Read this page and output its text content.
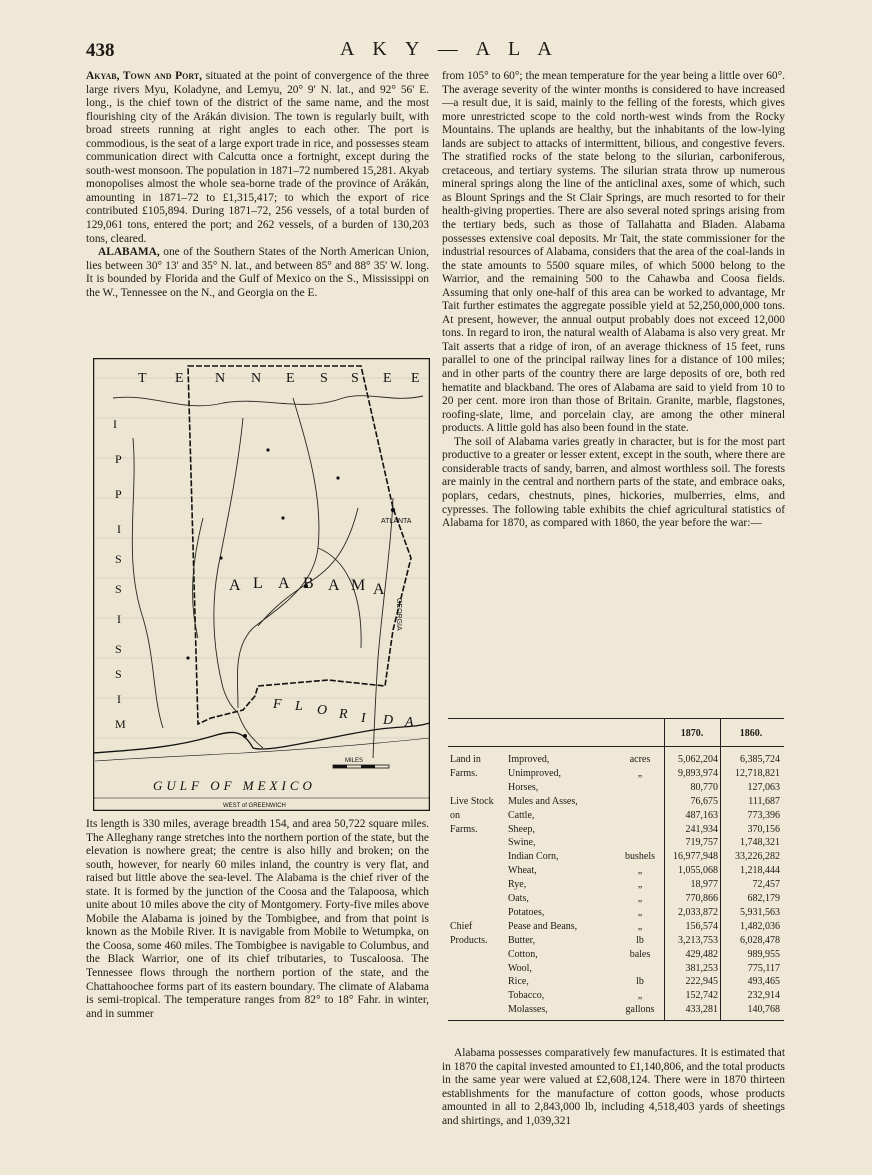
438	A K Y — A L A

Akyab, Town and Port, situated at the point of convergence of the three large rivers Myu, Koladyne, and Lemyu, 20° 9' N. lat., and 92° 56' E. long., is the chief town of the district of the same name, and the most flourishing city of the Arákán division. The town is regularly built, with broad streets running at right angles to each other. The port is commodious, is the seat of a large export trade in rice, and possesses steam communication direct with Calcutta once a fortnight, except during the south-west monsoon. The population in 1871–72 numbered 15,281. Akyab monopolises almost the whole sea-borne trade of the province of Arákán, amounting in 1871–72 to £1,315,417; to which the export of rice contributed £105,894. During 1871–72, 256 vessels, of a total burden of 129,061 tons, entered the port; and 262 vessels, of a burden of 130,203 tons, cleared.

ALABAMA, one of the Southern States of the North American Union, lies between 30° 13' and 35° N. lat., and between 85° and 88° 35' W. long. It is bounded by Florida and the Gulf of Mexico on the S., Mississippi on the W., Tennessee on the N., and Georgia on the E.

T E N N E S S E E
I
P
P
I
S
S
I
S
S
I
M
A L A B A M A
F L O R I D A
GULF OF MEXICO
ATLANTA
GEORGIA
MILES
WEST of GREENWICH

Its length is 330 miles, average breadth 154, and area 50,722 square miles. The Alleghany range stretches into the northern portion of the state, but the elevation is nowhere great; the centre is also hilly and broken; on the south, however, for nearly 60 miles inland, the country is very flat, and raised but little above the sea-level. The Alabama is the chief river of the state. It is formed by the junction of the Coosa and the Talapoosa, which unite about 10 miles above the city of Montgomery. Forty-five miles above Mobile the Alabama is joined by the Tombigbee, and from that point is known as the Mobile River. It is navigable from Mobile to Wetumpka, on the Coosa, some 460 miles. The Tombigbee is navigable to Columbus, and the Black Warrior, one of its chief tributaries, to Tuscaloosa. The Tennessee flows through the northern portion of the state, and the Chattahoochee forms part of its eastern boundary. The climate of Alabama is semi-tropical. The temperature ranges from 82° to 18° Fahr. in winter, and in summer

from 105° to 60°; the mean temperature for the year being a little over 60°. The average severity of the winter months is considered to have increased—a result due, it is said, mainly to the felling of the forests, which gives more unrestricted scope to the cold north-west winds from the Rocky Mountains. The uplands are healthy, but the inhabitants of the low-lying lands are subject to attacks of intermittent, bilious, and congestive fevers. The stratified rocks of the state belong to the silurian, carboniferous, cretaceous, and tertiary systems. The silurian strata throw up numerous mineral springs along the line of the anticlinal axes, some of which, such as Blount Springs and the St Clair Springs, are much resorted to for their health-giving properties. There are also several noted springs arising from the tertiary beds, such as those of Tallahatta and Bladen. Alabama possesses extensive coal deposits. Mr Tait, the state commissioner for the industrial resources of Alabama, considers that the area of the coal-lands in the state amounts to 5500 square miles, of which 5000 belong to the Warrior, and the remaining 500 to the Cahawba and Coosa fields. Assuming that only one-half of this area can be worked to advantage, Mr Tait further estimates the aggregate possible yield at 52,250,000,000 tons. At present, however, the annual output probably does not exceed 12,000 tons. In regard to iron, the natural wealth of Alabama is also very great. Mr Tait asserts that a ridge of iron, of an average thickness of 15 feet, runs parallel to one of the principal railway lines for a distance of 100 miles; and in other parts of the country there are large deposits of ore, both red hematite and blackband. The ores of Alabama are said to yield from 10 to 20 per cent. more iron than those of Britain. Granite, marble, flagstones, roofing-slate, lime, and porcelain clay, are among the other mineral products. A little gold has also been found in the state.

The soil of Alabama varies greatly in character, but is for the most part productive to a greater or lesser extent, except in the south, where there are considerable tracts of sandy, barren, and almost worthless soil. The forests are mainly in the central and northern parts of the state, and embrace oaks, poplars, cedars, chestnuts, pines, hickories, mulberries, elms, and cypresses. The following table exhibits the chief agricultural statistics of Alabama for 1870, as compared with 1860, the year before the war:—

1870.	1860.
Land in	Improved,	acres	5,062,204	6,385,724
Farms.	Unimproved,	„	9,893,974	12,718,821
Horses,	80,770	127,063
Live Stock	Mules and Asses,	76,675	111,687
on	Cattle,	487,163	773,396
Farms.	Sheep,	241,934	370,156
Swine,	719,757	1,748,321
Indian Corn,	bushels	16,977,948	33,226,282
Wheat,	„	1,055,068	1,218,444
Rye,	„	18,977	72,457
Oats,	„	770,866	682,179
Potatoes,	„	2,033,872	5,931,563
Chief	Pease and Beans,	„	156,574	1,482,036
Products.	Butter,	lb	3,213,753	6,028,478
Cotton,	bales	429,482	989,955
Wool,	381,253	775,117
Rice,	lb	222,945	493,465
Tobacco,	„	152,742	232,914
Molasses,	gallons	433,281	140,768

Alabama possesses comparatively few manufactures. It is estimated that in 1870 the capital invested amounted to £1,140,806, and the total products in the same year were valued at £2,608,124. There were in 1870 thirteen establishments for the manufacture of cotton goods, whose products amounted in all to 2,843,000 lb, including 4,518,403 yards of sheetings and shirtings, and 1,039,321
